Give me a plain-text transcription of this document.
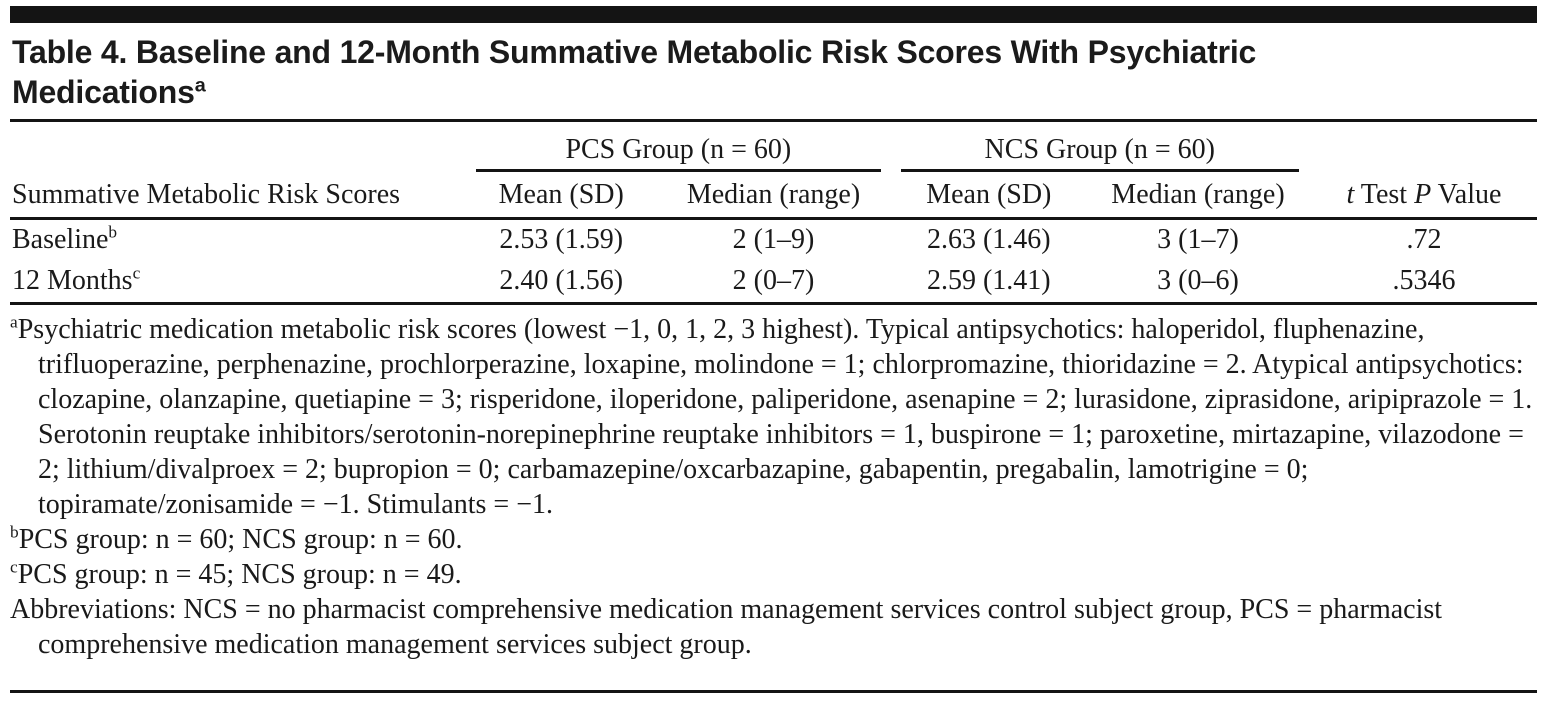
Table 4. Baseline and 12-Month Summative Metabolic Risk Scores With Psychiatric
Medications$^a$

	PCS Group (n = 60)		NCS Group (n = 60)		

Summative Metabolic Risk Scores	Mean (SD)	Median (range)	Mean (SD)	Median (range)	t Test P Value
Baseline$^b$	2.53 (1.59)	2 (1–9)	2.63 (1.46)	3 (1–7)	.72
12 Months$^c$	2.40 (1.56)	2 (0–7)	2.59 (1.41)	3 (0–6)	.5346

$^a$Psychiatric medication metabolic risk scores (lowest −1, 0, 1, 2, 3 highest). Typical antipsychotics: haloperidol, fluphenazine, trifluoperazine, perphenazine, prochlorperazine, loxapine, molindone = 1; chlorpromazine, thioridazine = 2. Atypical antipsychotics: clozapine, olanzapine, quetiapine = 3; risperidone, iloperidone, paliperidone, asenapine = 2; lurasidone, ziprasidone, aripiprazole = 1. Serotonin reuptake inhibitors/serotonin-norepinephrine reuptake inhibitors = 1, buspirone = 1; paroxetine, mirtazapine, vilazodone = 2; lithium/divalproex = 2; bupropion = 0; carbamazepine/oxcarbazapine, gabapentin, pregabalin, lamotrigine = 0; topiramate/zonisamide = −1. Stimulants = −1.

$^b$PCS group: n = 60; NCS group: n = 60.

$^c$PCS group: n = 45; NCS group: n = 49.

Abbreviations: NCS = no pharmacist comprehensive medication management services control subject group, PCS = pharmacist comprehensive medication management services subject group.
